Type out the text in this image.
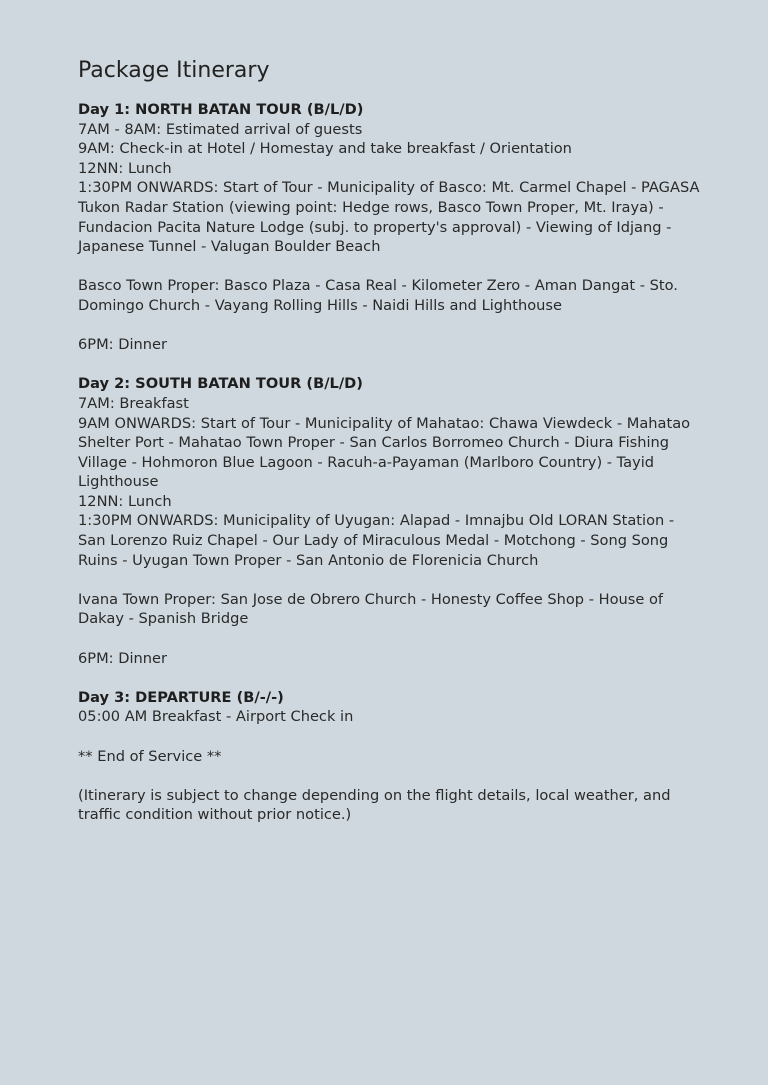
Package Itinerary

Day 1: NORTH BATAN TOUR (B/L/D)

7AM - 8AM: Estimated arrival of guests

9AM: Check-in at Hotel / Homestay and take breakfast / Orientation

12NN: Lunch

1:30PM ONWARDS: Start of Tour - Municipality of Basco: Mt. Carmel Chapel - PAGASA

Tukon Radar Station (viewing point: Hedge rows, Basco Town Proper, Mt. Iraya) -

Fundacion Pacita Nature Lodge (subj. to property's approval) - Viewing of Idjang -

Japanese Tunnel - Valugan Boulder Beach

Basco Town Proper: Basco Plaza - Casa Real - Kilometer Zero - Aman Dangat - Sto.

Domingo Church - Vayang Rolling Hills - Naidi Hills and Lighthouse

6PM: Dinner

Day 2: SOUTH BATAN TOUR (B/L/D)

7AM: Breakfast

9AM ONWARDS: Start of Tour - Municipality of Mahatao: Chawa Viewdeck - Mahatao

Shelter Port - Mahatao Town Proper - San Carlos Borromeo Church - Diura Fishing

Village - Hohmoron Blue Lagoon - Racuh-a-Payaman (Marlboro Country) - Tayid

Lighthouse

12NN: Lunch

1:30PM ONWARDS: Municipality of Uyugan: Alapad - Imnajbu Old LORAN Station -

San Lorenzo Ruiz Chapel - Our Lady of Miraculous Medal - Motchong - Song Song

Ruins - Uyugan Town Proper - San Antonio de Florenicia Church

Ivana Town Proper: San Jose de Obrero Church - Honesty Coffee Shop - House of

Dakay - Spanish Bridge

6PM: Dinner

Day 3: DEPARTURE (B/-/-)

05:00 AM Breakfast - Airport Check in

** End of Service **

(Itinerary is subject to change depending on the flight details, local weather, and

traffic condition without prior notice.)
